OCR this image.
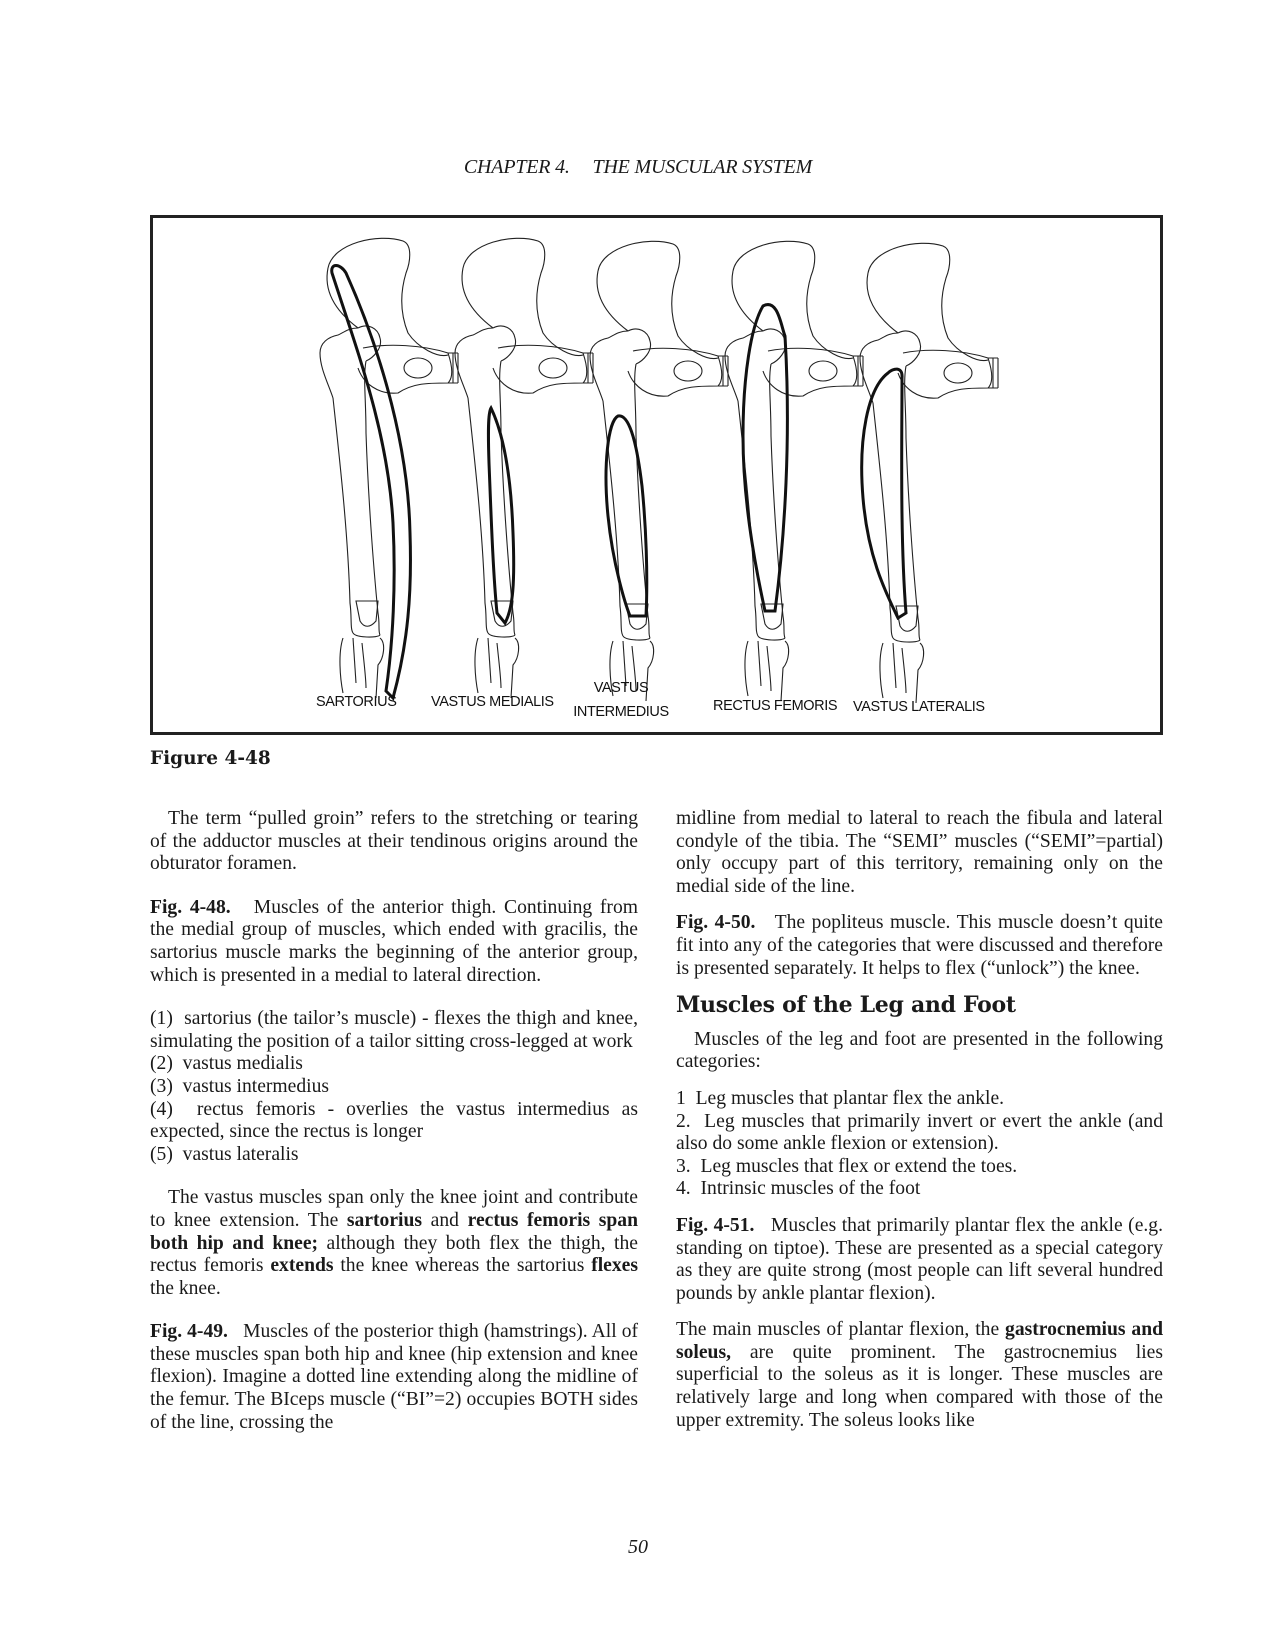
CHAPTER 4. THE MUSCULAR SYSTEM
SARTORIUS VASTUS MEDIALIS
VASTUS
INTERMEDIUS	RECTUS FEMORIS VASTUS LATERALIS
Figure 4-48

The term “pulled groin” refers to the stretching or tearing of the adductor muscles at their tendinous origins around the obturator foramen.

Fig. 4-48. Muscles of the anterior thigh. Continuing from the medial group of muscles, which ended with gracilis, the sartorius muscle marks the beginning of the anterior group, which is presented in a medial to lateral direction.

(1)  sartorius (the tailor’s muscle) - flexes the thigh and knee, simulating the position of a tailor sitting cross-legged at work
(2)  vastus medialis
(3)  vastus intermedius
(4)  rectus femoris - overlies the vastus intermedius as expected, since the rectus is longer
(5)  vastus lateralis

The vastus muscles span only the knee joint and contribute to knee extension. The sartorius and rectus femoris span both hip and knee; although they both flex the thigh, the rectus femoris extends the knee whereas the sartorius flexes the knee.

Fig. 4-49. Muscles of the posterior thigh (hamstrings). All of these muscles span both hip and knee (hip extension and knee flexion). Imagine a dotted line extending along the midline of the femur. The BIceps muscle (“BI”=2) occupies BOTH sides of the line, crossing the

midline from medial to lateral to reach the fibula and lateral condyle of the tibia. The “SEMI” muscles (“SEMI”=partial) only occupy part of this territory, remaining only on the medial side of the line.

Fig. 4-50. The popliteus muscle. This muscle doesn’t quite fit into any of the categories that were discussed and therefore is presented separately. It helps to flex (“unlock”) the knee.

Muscles of the Leg and Foot

Muscles of the leg and foot are presented in the following categories:

1  Leg muscles that plantar flex the ankle.
2.  Leg muscles that primarily invert or evert the ankle (and also do some ankle flexion or extension).
3.  Leg muscles that flex or extend the toes.
4.  Intrinsic muscles of the foot

Fig. 4-51. Muscles that primarily plantar flex the ankle (e.g. standing on tiptoe). These are presented as a special category as they are quite strong (most people can lift several hundred pounds by ankle plantar flexion).

The main muscles of plantar flexion, the gastrocnemius and soleus, are quite prominent. The gastrocnemius lies superficial to the soleus as it is longer. These muscles are relatively large and long when compared with those of the upper extremity. The soleus looks like

50
